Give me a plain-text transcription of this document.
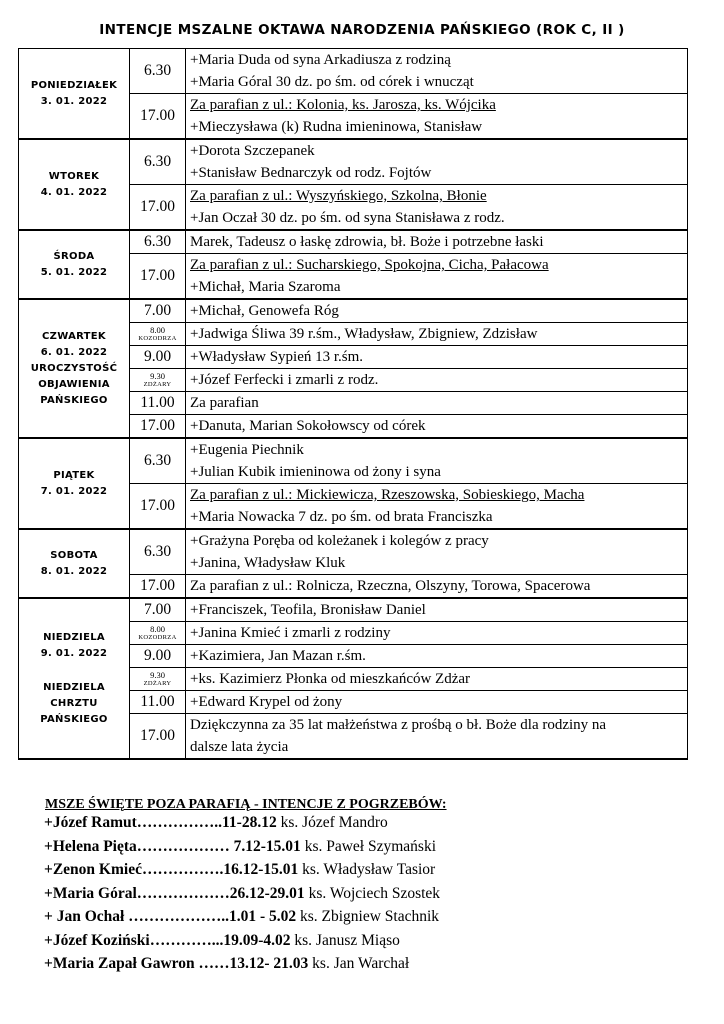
INTENCJE MSZALNE OKTAWA NARODZENIA PAŃSKIEGO (ROK C, II )
PONIEDZIAŁEK
3. 01. 2022	6.30	+Maria Duda od syna Arkadiusza z rodziną
+Maria Góral 30 dz. po śm. od córek i wnucząt

	17.00	Za parafian z ul.: Kolonia, ks. Jarosza, ks. Wójcika
+Mieczysława (k) Rudna imieninowa, Stanisław

WTOREK
4. 01. 2022	6.30	+Dorota Szczepanek
+Stanisław Bednarczyk od rodz. Fojtów

	17.00	Za parafian z ul.: Wyszyńskiego, Szkolna, Błonie
+Jan Oczał 30 dz. po śm. od syna Stanisława z rodz.

ŚRODA
5. 01. 2022	6.30	Marek, Tadeusz o łaskę zdrowia, bł. Boże i potrzebne łaski

	17.00	Za parafian z ul.: Sucharskiego, Spokojna, Cicha, Pałacowa
+Michał, Maria Szaroma

CZWARTEK
6. 01. 2022
UROCZYSTOŚĆ
OBJAWIENIA
PAŃSKIEGO	7.00	+Michał, Genowefa Róg

	8.00
KOZODRZA	+Jadwiga Śliwa 39 r.śm., Władysław, Zbigniew, Zdzisław

	9.00	+Władysław Sypień 13 r.śm.

	9.30
ZDŻARY	+Józef Ferfecki i zmarli z rodz.

	11.00	Za parafian

	17.00	+Danuta, Marian Sokołowscy od córek

PIĄTEK
7. 01. 2022	6.30	+Eugenia Piechnik
+Julian Kubik imieninowa od żony i syna

	17.00	Za parafian z ul.: Mickiewicza, Rzeszowska, Sobieskiego, Macha
+Maria Nowacka 7 dz. po śm. od brata Franciszka

SOBOTA
8. 01. 2022	6.30	+Grażyna Poręba od koleżanek i kolegów z pracy
+Janina, Władysław Kluk

	17.00	Za parafian z ul.: Rolnicza, Rzeczna, Olszyny, Torowa, Spacerowa

NIEDZIELA
9. 01. 2022
NIEDZIELA
CHRZTU
PAŃSKIEGO	7.00	+Franciszek, Teofila, Bronisław Daniel

	8.00
KOZODRZA	+Janina Kmieć i zmarli z rodziny

	9.00	+Kazimiera, Jan Mazan r.śm.

	9.30
ZDŻARY	+ks. Kazimierz Płonka od mieszkańców Zdżar

	11.00	+Edward Krypel od żony

	17.00	Dziękczynna za 35 lat małżeństwa z prośbą o bł. Boże dla rodziny na
dalsze lata życia
MSZE ŚWIĘTE POZA PARAFIĄ - INTENCJE Z POGRZEBÓW:
+Józef Ramut……………..11-28.12 ks. Józef Mandro
+Helena Pięta……………… 7.12-15.01 ks. Paweł Szymański
+Zenon Kmieć…………….16.12-15.01 ks. Władysław Tasior
+Maria Góral………………26.12-29.01 ks. Wojciech Szostek
+ Jan Ochał ………………..1.01 - 5.02 ks. Zbigniew Stachnik
+Józef Koziński…………...19.09-4.02 ks. Janusz Miąso
+Maria Zapał Gawron ……13.12- 21.03 ks. Jan Warchał
